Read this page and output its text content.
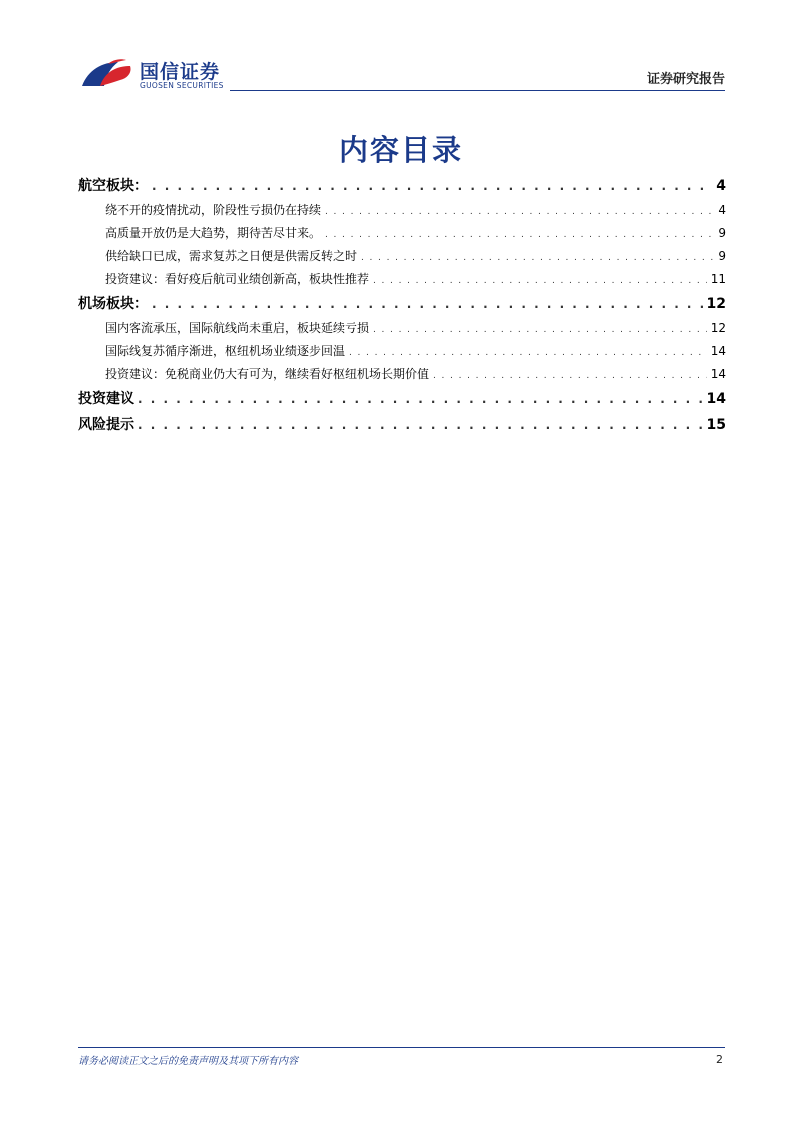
国信证券
GUOSEN SECURITIES	证券研究报告
内容目录
航空板块： . . .	4
绕不开的疫情扰动，阶段性亏损仍在持续 . . .	4
高质量开放仍是大趋势，期待苦尽甘来。 . . .	9
供给缺口已成，需求复苏之日便是供需反转之时 . . .	9
投资建议：看好疫后航司业绩创新高，板块性推荐 . . .	11
机场板块： . . .	12
国内客流承压，国际航线尚未重启，板块延续亏损 . . .	12
国际线复苏循序渐进，枢纽机场业绩逐步回温 . . .	14
投资建议：免税商业仍大有可为，继续看好枢纽机场长期价值 . . .	14
投资建议 . . .	14
风险提示 . . .	15
请务必阅读正文之后的免责声明及其项下所有内容	2
